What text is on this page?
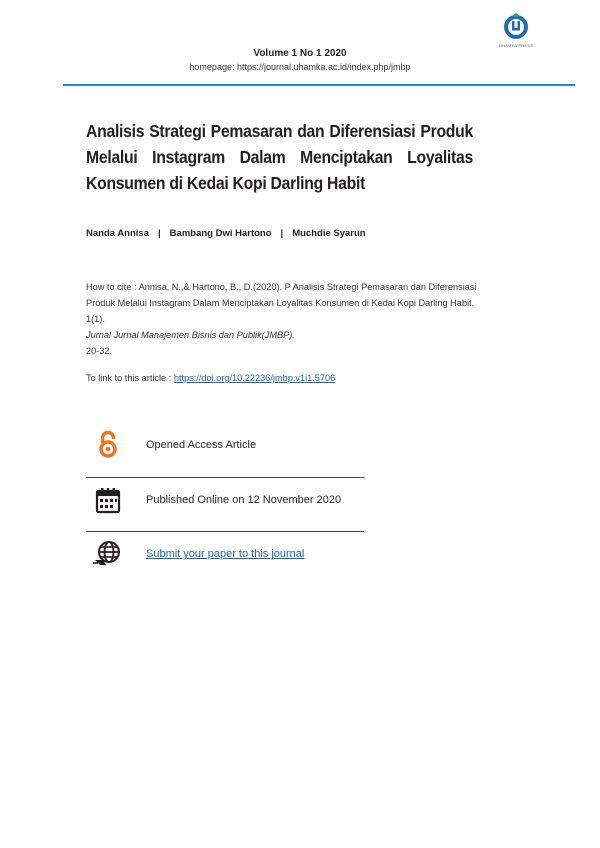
UHAMKA PRESS
Volume 1 No 1 2020
homepage: https://journal.uhamka.ac.id/index.php/jmbp
Analisis Strategi Pemasaran dan Diferensiasi Produk
Melalui Instagram Dalam Menciptakan Loyalitas
Konsumen di Kedai Kopi Darling Habit
Nanda Annisa | Bambang Dwi Hartono | Muchdie Syarun
How to cite : Annisa, N.,& Hartono, B., D.(2020). P Analisis Strategi Pemasaran dan Diferensiasi
Produk Melalui Instagram Dalam Menciptakan Loyalitas Konsumen di Kedai Kopi Darling Habit.
1(1).
Jurnal Jurnal Manajemen Bisnis dan Publik(JMBP).
20-32.
To link to this article : https://doi.org/10.22236/jmbp.v1i1.5706
Opened Access Article
Published Online on 12 November 2020
Submit your paper to this journal
